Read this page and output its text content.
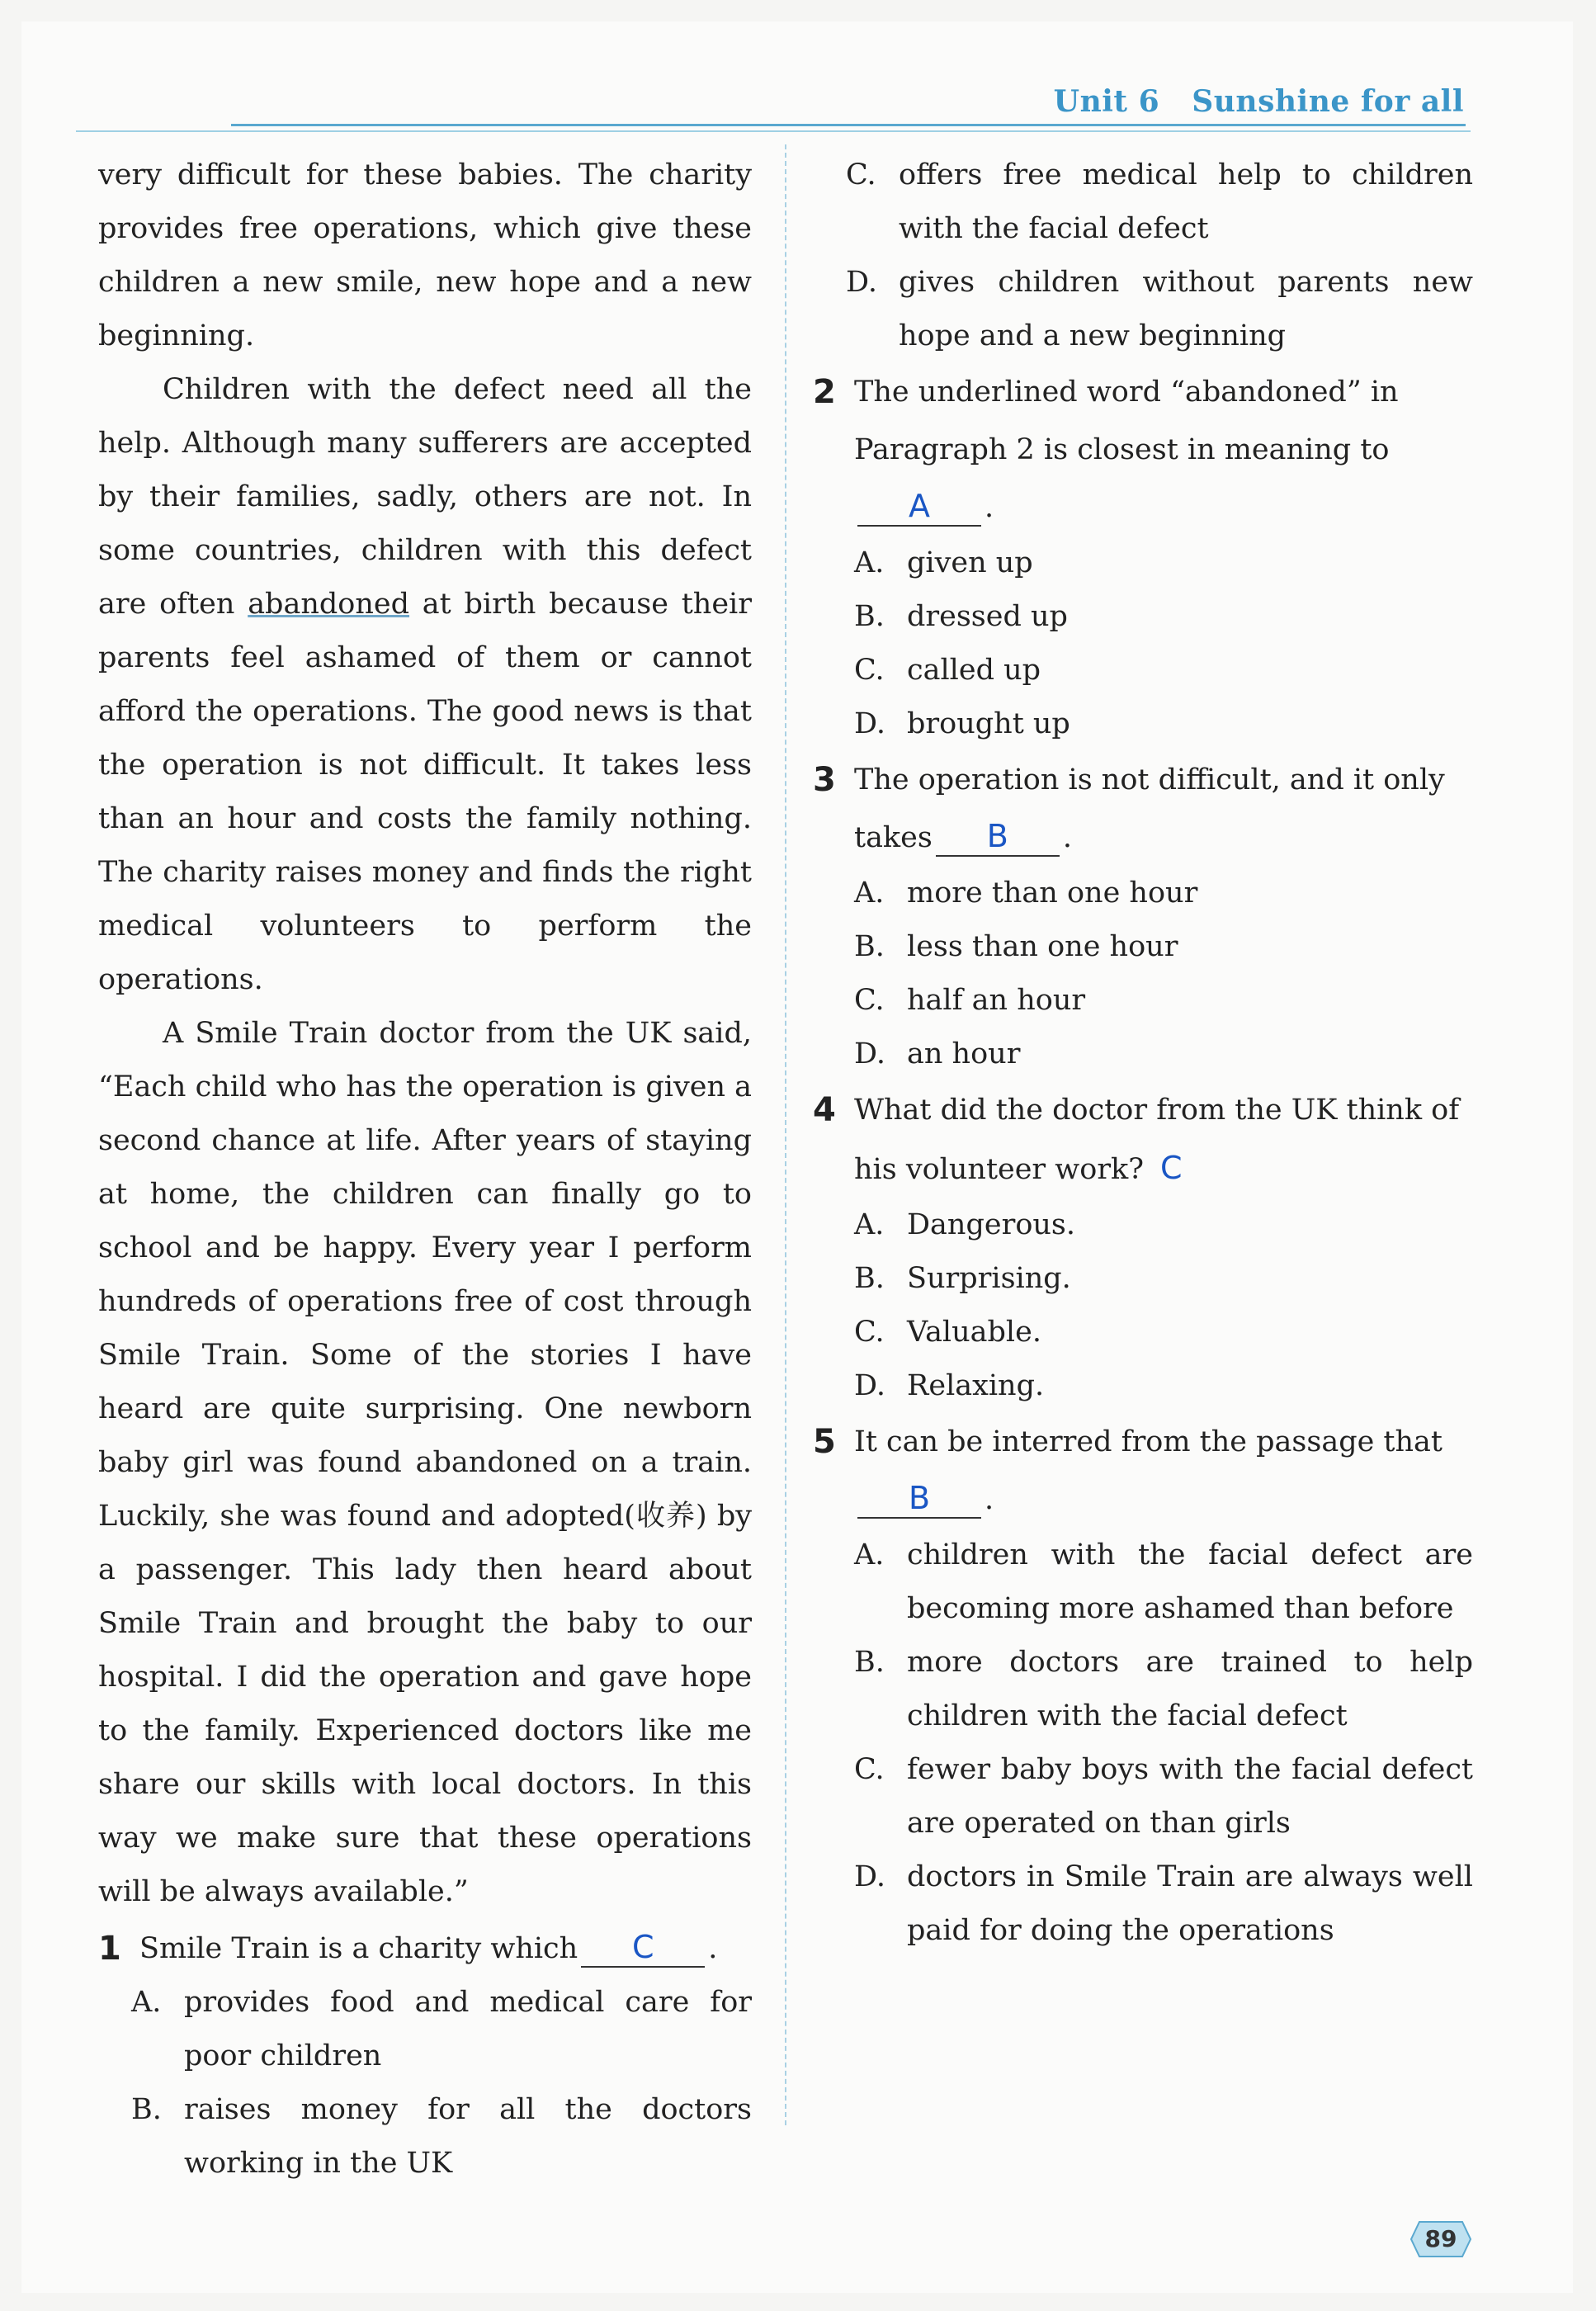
Unit 6 Sunshine for all

very difficult for these babies. The charity provides free operations, which give these children a new smile, new hope and a new beginning.

Children with the defect need all the help. Although many sufferers are accepted by their families, sadly, others are not. In some countries, children with this defect are often abandoned at birth because their parents feel ashamed of them or cannot afford the operations. The good news is that the operation is not difficult. It takes less than an hour and costs the family nothing. The charity raises money and finds the right medical volunteers to perform the operations.

A Smile Train doctor from the UK said, “Each child who has the operation is given a second chance at life. After years of staying at home, the children can finally go to school and be happy. Every year I perform hundreds of operations free of cost through Smile Train. Some of the stories I have heard are quite surprising. One newborn baby girl was found abandoned on a train. Luckily, she was found and adopted(收养) by a passenger. This lady then heard about Smile Train and brought the baby to our hospital. I did the operation and gave hope to the family. Experienced doctors like me share our skills with local doctors. In this way we make sure that these operations will be always available.”

1 Smile Train is a charity which C .

A. provides food and medical care for poor children

B. raises money for all the doctors working in the UK

C. offers free medical help to children with the facial defect

D. gives children without parents new hope and a new beginning

2 The underlined word “abandoned” in Paragraph 2 is closest in meaning to
A .

A. given up

B. dressed up

C. called up

D. brought up

3 The operation is not difficult, and it only takes B .

A. more than one hour

B. less than one hour

C. half an hour

D. an hour

4 What did the doctor from the UK think of his volunteer work? C

A. Dangerous.

B. Surprising.

C. Valuable.

D. Relaxing.

5 It can be interred from the passage that
B .

A. children with the facial defect are becoming more ashamed than before

B. more doctors are trained to help children with the facial defect

C. fewer baby boys with the facial defect are operated on than girls

D. doctors in Smile Train are always well paid for doing the operations

89
